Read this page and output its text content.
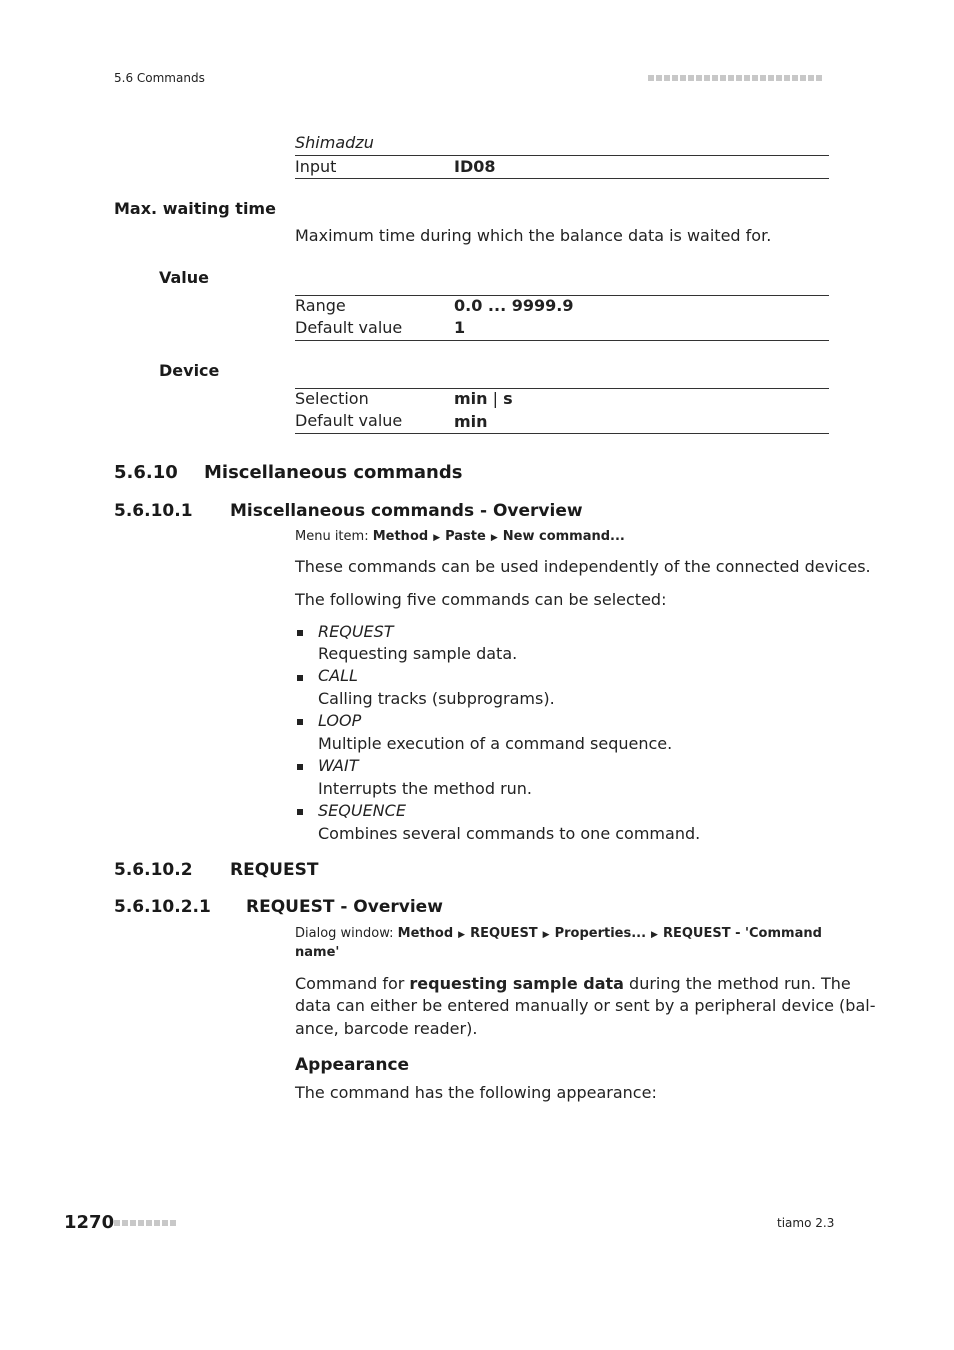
5.6 Commands
Shimadzu
Input	ID08
Max. waiting time
Maximum time during which the balance data is waited for.
Value
Range	0.0 ... 9999.9
Default value	1
Device
Selection	min | s
Default value	min
5.6.10 Miscellaneous commands
5.6.10.1 Miscellaneous commands - Overview
Menu item: Method ▶ Paste ▶ New command...
These commands can be used independently of the connected devices.
The following five commands can be selected:
REQUEST
Requesting sample data.
CALL
Calling tracks (subprograms).
LOOP
Multiple execution of a command sequence.
WAIT
Interrupts the method run.
SEQUENCE
Combines several commands to one command.
5.6.10.2 REQUEST
5.6.10.2.1 REQUEST - Overview
Dialog window: Method ▶ REQUEST ▶ Properties... ▶ REQUEST - 'Command
name'
Command for requesting sample data during the method run. The
data can either be entered manually or sent by a peripheral device (bal-
ance, barcode reader).
Appearance
The command has the following appearance:
1270	tiamo 2.3
